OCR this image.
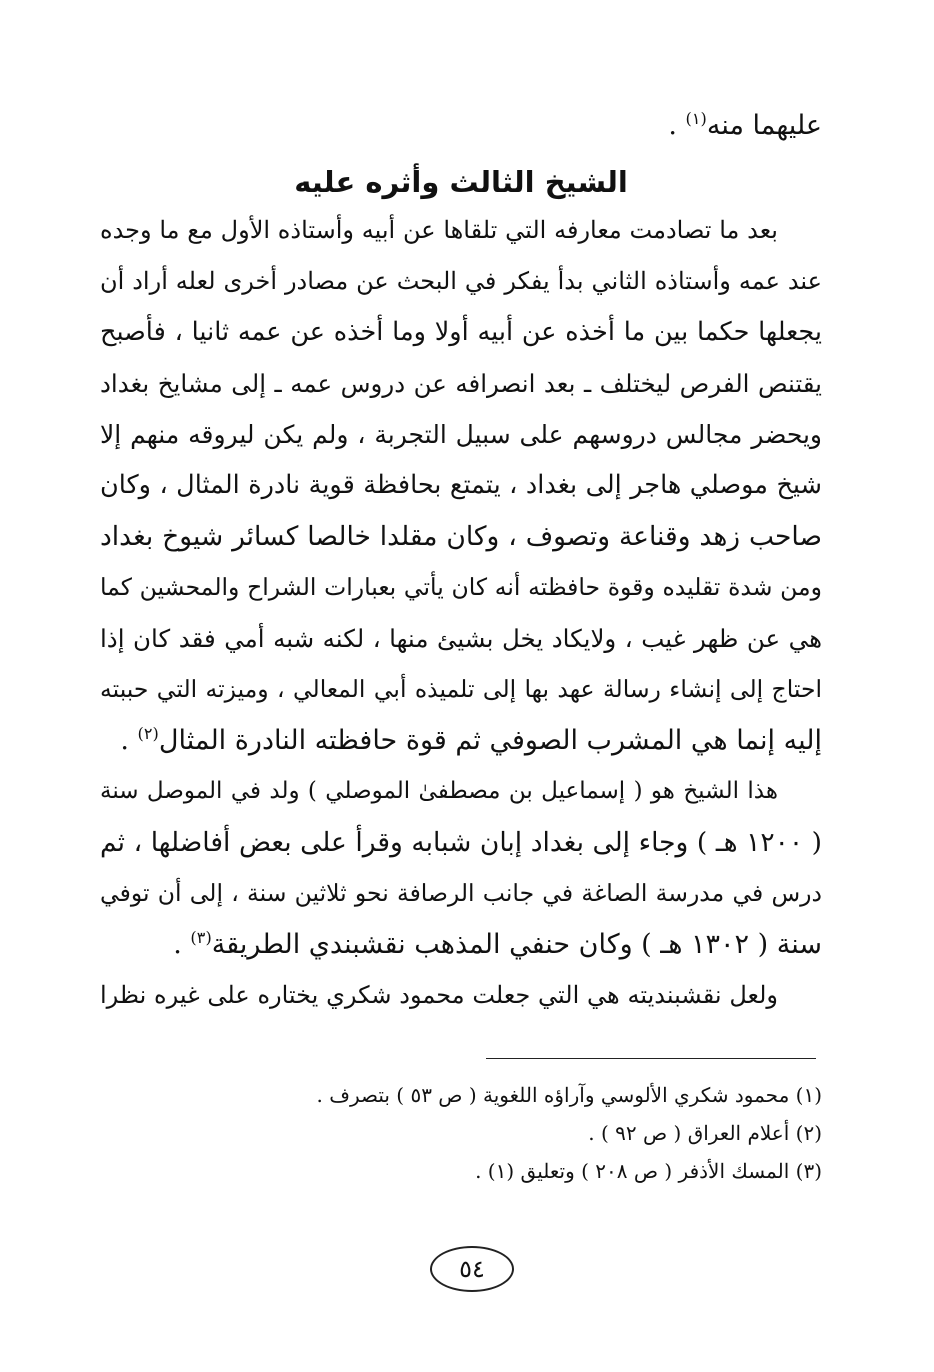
عليهما منه$^{(١)}$ .
الشيخ الثالث وأثره عليه
بعد ما تصادمت معارفه التي تلقاها عن أبيه وأستاذه الأول مع ما وجده
عند عمه وأستاذه الثاني بدأ يفكر في البحث عن مصادر أخرى لعله أراد أن
يجعلها حكما بين ما أخذه عن أبيه أولا وما أخذه عن عمه ثانيا ، فأصبح
يقتنص الفرص ليختلف ـ بعد انصرافه عن دروس عمه ـ إلى مشايخ بغداد
ويحضر مجالس دروسهم على سبيل التجربة ، ولم يكن ليروقه منهم إلا
شيخ موصلي هاجر إلى بغداد ، يتمتع بحافظة قوية نادرة المثال ، وكان
صاحب زهد وقناعة وتصوف ، وكان مقلدا خالصا كسائر شيوخ بغداد
ومن شدة تقليده وقوة حافظته أنه كان يأتي بعبارات الشراح والمحشين كما
هي عن ظهر غيب ، ولايكاد يخل بشيئ منها ، لكنه شبه أمي فقد كان إذا
احتاج إلى إنشاء رسالة عهد بها إلى تلميذه أبي المعالي ، وميزته التي حببته
إليه إنما هي المشرب الصوفي ثم قوة حافظته النادرة المثال$^{(٢)}$ .
هذا الشيخ هو ( إسماعيل بن مصطفىٰ الموصلي ) ولد في الموصل سنة
( ١٢٠٠ هـ ) وجاء إلى بغداد إبان شبابه وقرأ على بعض أفاضلها ، ثم
درس في مدرسة الصاغة في جانب الرصافة نحو ثلاثين سنة ، إلى أن توفي
سنة ( ١٣٠٢ هـ ) وكان حنفي المذهب نقشبندي الطريقة$^{(٣)}$ .
ولعل نقشبنديته هي التي جعلت محمود شكري يختاره على غيره نظرا
(١) محمود شكري الألوسي وآراؤه اللغوية ( ص ٥٣ ) بتصرف .
(٢) أعلام العراق ( ص ٩٢ ) .
(٣) المسك الأذفر ( ص ٢٠٨ ) وتعليق (١) .
٥٤
